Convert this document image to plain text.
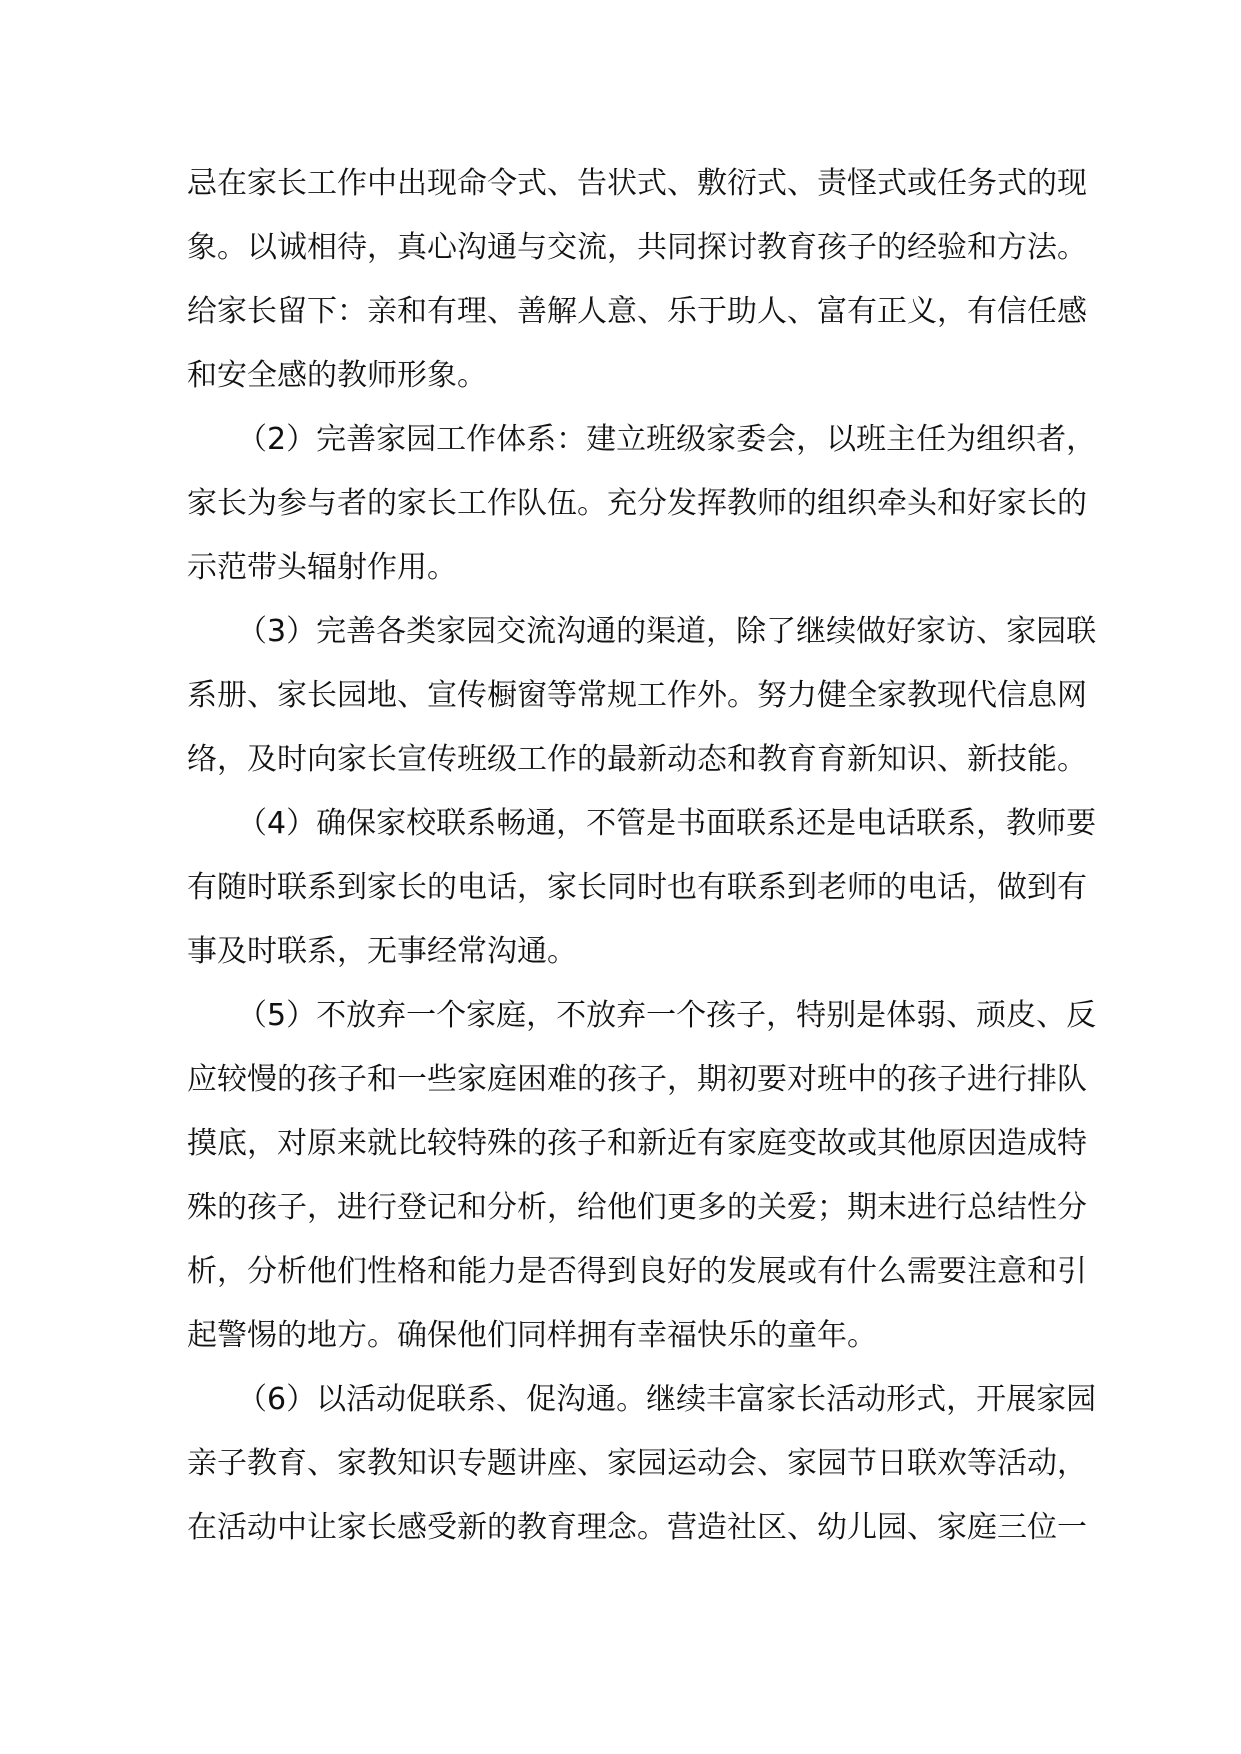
忌在家长工作中出现命令式、告状式、敷衍式、责怪式或任务式的现
象。以诚相待，真心沟通与交流，共同探讨教育孩子的经验和方法。
给家长留下：亲和有理、善解人意、乐于助人、富有正义，有信任感
和安全感的教师形象。
（2）完善家园工作体系：建立班级家委会，以班主任为组织者，
家长为参与者的家长工作队伍。充分发挥教师的组织牵头和好家长的
示范带头辐射作用。
（3）完善各类家园交流沟通的渠道，除了继续做好家访、家园联
系册、家长园地、宣传橱窗等常规工作外。努力健全家教现代信息网
络，及时向家长宣传班级工作的最新动态和教育育新知识、新技能。
（4）确保家校联系畅通，不管是书面联系还是电话联系，教师要
有随时联系到家长的电话，家长同时也有联系到老师的电话，做到有
事及时联系，无事经常沟通。
（5）不放弃一个家庭，不放弃一个孩子，特别是体弱、顽皮、反
应较慢的孩子和一些家庭困难的孩子，期初要对班中的孩子进行排队
摸底，对原来就比较特殊的孩子和新近有家庭变故或其他原因造成特
殊的孩子，进行登记和分析，给他们更多的关爱；期末进行总结性分
析，分析他们性格和能力是否得到良好的发展或有什么需要注意和引
起警惕的地方。确保他们同样拥有幸福快乐的童年。
（6）以活动促联系、促沟通。继续丰富家长活动形式，开展家园
亲子教育、家教知识专题讲座、家园运动会、家园节日联欢等活动，
在活动中让家长感受新的教育理念。营造社区、幼儿园、家庭三位一
